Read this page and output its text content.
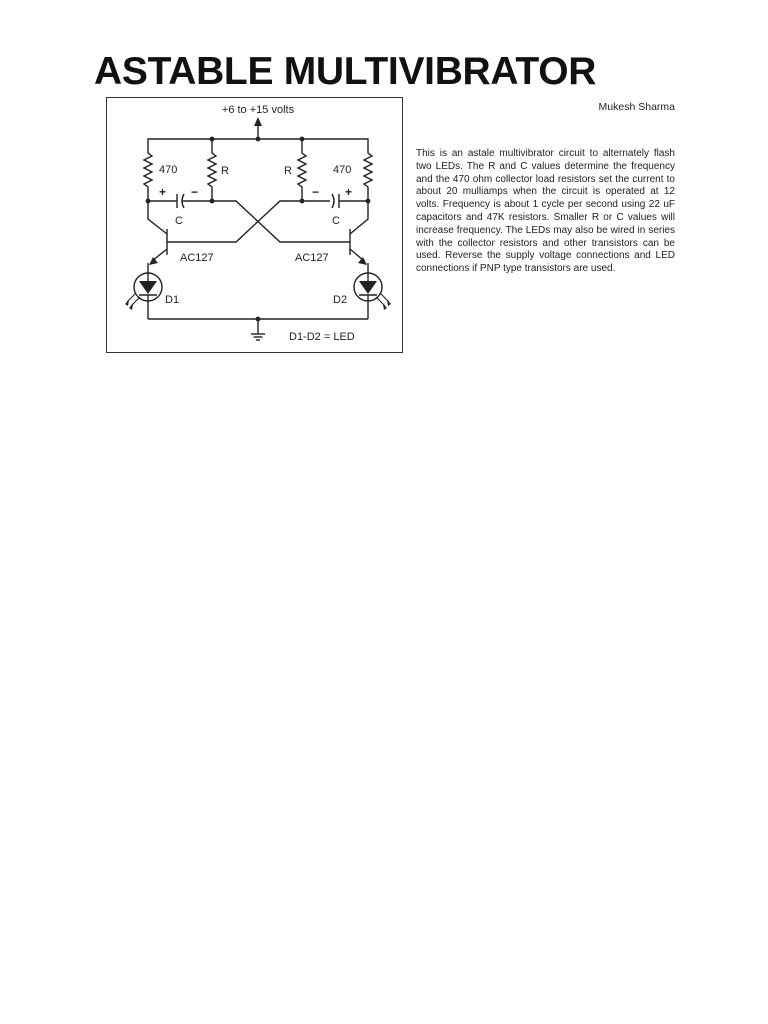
ASTABLE MULTIVIBRATOR
Mukesh Sharma

This is an astale multivibrator circuit to alternately flash two LEDs. The R and C values determine the frequency and the 470 ohm collector load resistors set the current to about 20 mulliamps when the circuit is operated at 12 volts. Frequency is about 1 cycle per second using 22 uF capacitors and 47K resistors. Smaller R or C values will increase frequency. The LEDs may also be wired in series with the collector resistors and other transistors can be used. Reverse the supply voltage connections and LED connections if PNP type transistors are used.

+6 to +15 volts
470	R	R	470
+ −
C
− +
C
AC127	AC127
D1	D2
D1-D2 = LED
